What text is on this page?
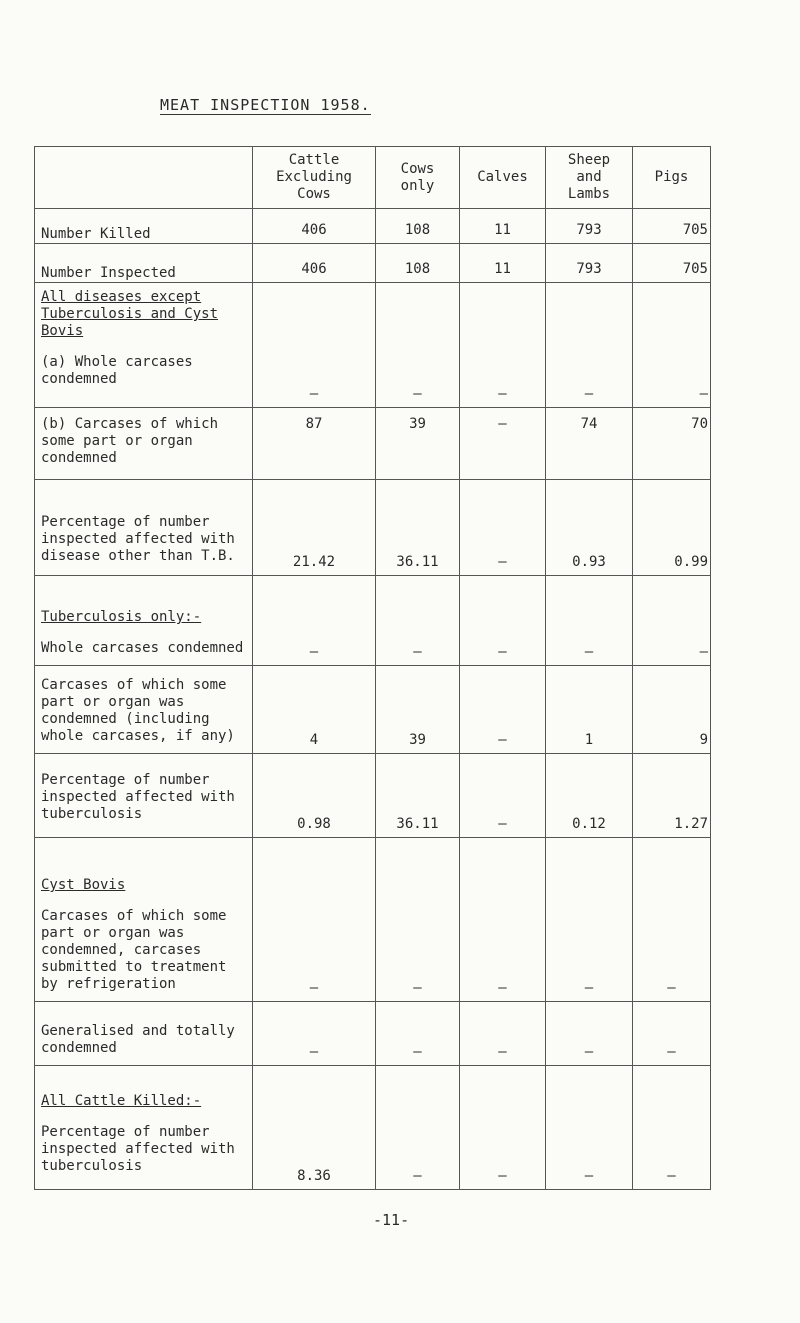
MEAT INSPECTION 1958.
	Cattle Excluding Cows	Cows only	Calves	Sheep and Lambs	Pigs
Number Killed	406	108	11	793	705
Number Inspected	406	108	11	793	705

All diseases except Tuberculosis and Cyst Bovis
(a) Whole carcases condemned	—	—	—	—	—
(b) Carcases of which some part or organ condemned	87	39	—	74	70
Percentage of number inspected affected with disease other than T.B.	21.42	36.11	—	0.93	0.99

Tuberculosis only:-
Whole carcases condemned	—	—	—	—	—
Carcases of which some part or organ was condemned (including whole carcases, if any)	4	39	—	1	9
Percentage of number inspected affected with tuberculosis	0.98	36.11	—	0.12	1.27

Cyst Bovis
Carcases of which some part or organ was condemned, carcases submitted to treatment by refrigeration	—	—	—	—	—
Generalised and totally condemned	—	—	—	—	—

All Cattle Killed:-
Percentage of number inspected affected with tuberculosis	8.36	—	—	—	—
-11-
